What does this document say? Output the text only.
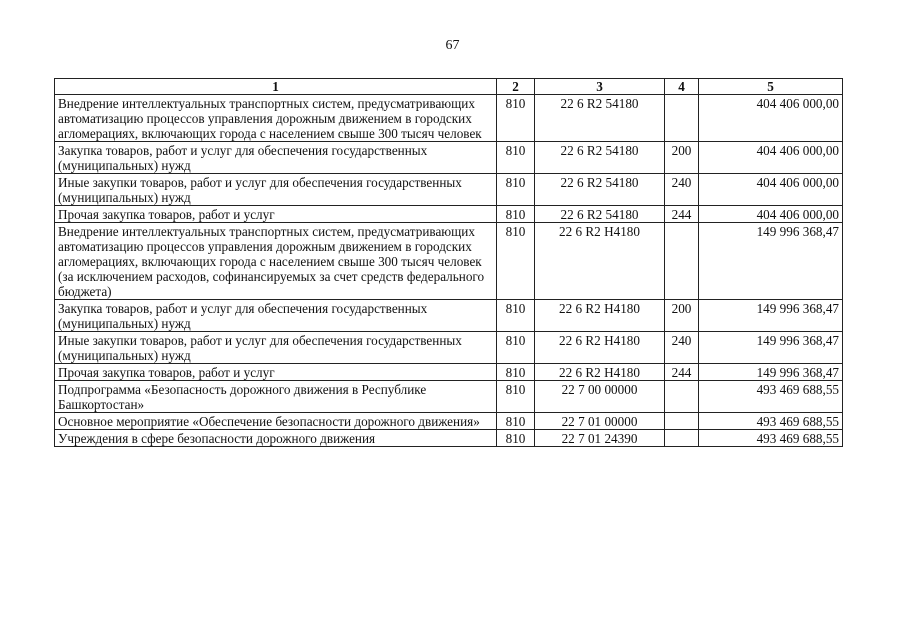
67
1	2	3	4	5
Внедрение интеллектуальных транспортных систем, предусматривающих автоматизацию процессов управления дорожным движением в городских агломерациях, включающих города с населением свыше 300 тысяч человек	810	22 6 R2 54180		404 406 000,00
Закупка товаров, работ и услуг для обеспечения государственных (муниципальных) нужд	810	22 6 R2 54180	200	404 406 000,00
Иные закупки товаров, работ и услуг для обеспечения государственных (муниципальных) нужд	810	22 6 R2 54180	240	404 406 000,00
Прочая закупка товаров, работ и услуг	810	22 6 R2 54180	244	404 406 000,00
Внедрение интеллектуальных транспортных систем, предусматривающих автоматизацию процессов управления дорожным движением в городских агломерациях, включающих города с населением свыше 300 тысяч человек (за исключением расходов, софинансируемых за счет средств федерального бюджета)	810	22 6 R2 H4180		149 996 368,47
Закупка товаров, работ и услуг для обеспечения государственных (муниципальных) нужд	810	22 6 R2 H4180	200	149 996 368,47
Иные закупки товаров, работ и услуг для обеспечения государственных (муниципальных) нужд	810	22 6 R2 H4180	240	149 996 368,47
Прочая закупка товаров, работ и услуг	810	22 6 R2 H4180	244	149 996 368,47
Подпрограмма «Безопасность дорожного движения в Республике Башкортостан»	810	22 7 00 00000		493 469 688,55
Основное мероприятие «Обеспечение безопасности дорожного движения»	810	22 7 01 00000		493 469 688,55
Учреждения в сфере безопасности дорожного движения	810	22 7 01 24390		493 469 688,55
